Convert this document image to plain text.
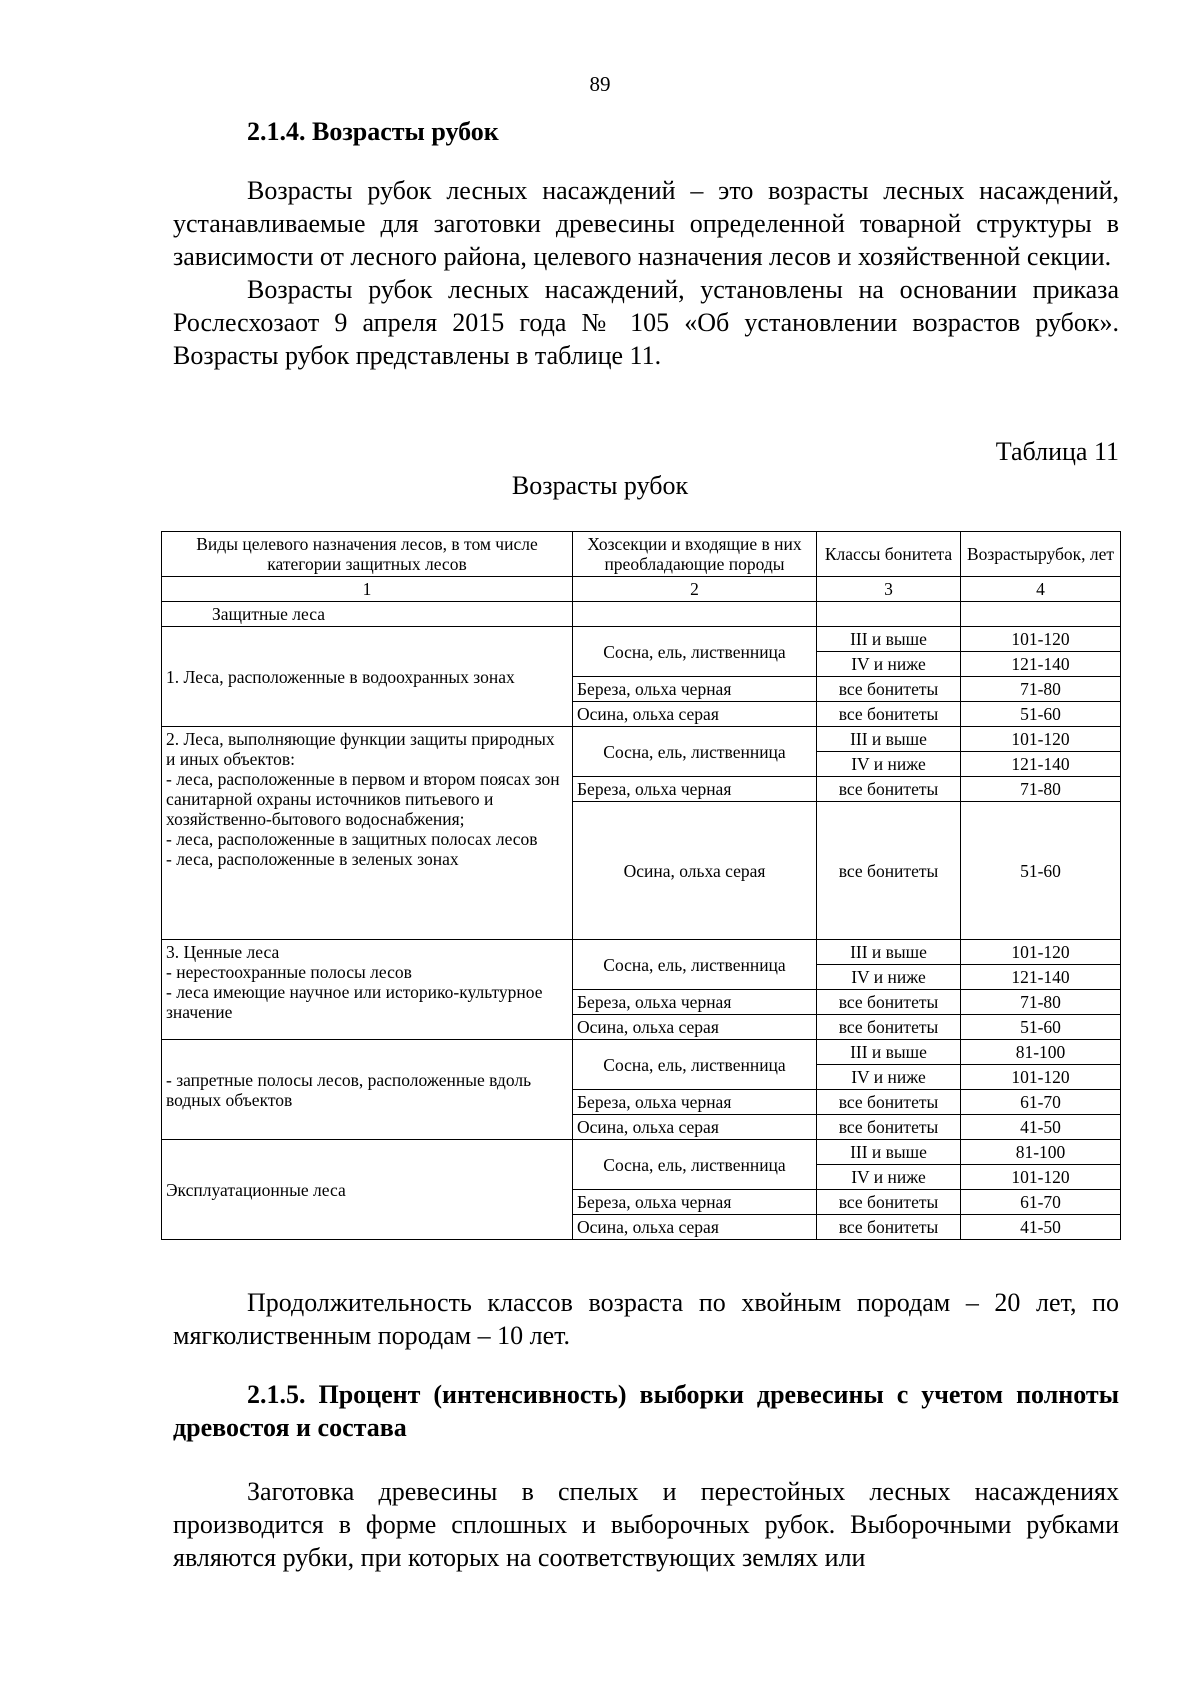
89
2.1.4. Возрасты рубок

Возрасты рубок лесных насаждений – это возрасты лесных насаждений, устанавливаемые для заготовки древесины определенной товарной структуры в зависимости от лесного района, целевого назначения лесов и хозяйственной секции.

Возрасты рубок лесных насаждений, установлены на основании приказа Рослесхозаот 9 апреля 2015 года № 105 «Об установлении возрастов рубок». Возрасты рубок представлены в таблице 11.

Таблица 11
Возрасты рубок
Виды целевого назначения лесов, в том числе категории защитных лесов	Хозсекции и входящие в них преобладающие породы	Классы бонитета	Возрастырубок, лет
1	2	3	4
Защитные леса			
1. Леса, расположенные в водоохранных зонах	Сосна, ель, лиственница	III и выше	101-120
		IV и ниже	121-140
	Береза, ольха черная	все бонитеты	71-80
	Осина, ольха серая	все бонитеты	51-60
2. Леса, выполняющие функции защиты природных и иных объектов:
- леса, расположенные в первом и втором поясах зон санитарной охраны источников питьевого и хозяйственно-бытового водоснабжения;
- леса, расположенные в защитных полосах лесов
- леса, расположенные в зеленых зонах	Сосна, ель, лиственница	III и выше	101-120
		IV и ниже	121-140
	Береза, ольха черная	все бонитеты	71-80
	Осина, ольха серая	все бонитеты	51-60
3. Ценные леса
- нерестоохранные полосы лесов
- леса имеющие научное или историко-культурное значение	Сосна, ель, лиственница	III и выше	101-120
		IV и ниже	121-140
	Береза, ольха черная	все бонитеты	71-80
	Осина, ольха серая	все бонитеты	51-60
- запретные полосы лесов, расположенные вдоль водных объектов	Сосна, ель, лиственница	III и выше	81-100
		IV и ниже	101-120
	Береза, ольха черная	все бонитеты	61-70
	Осина, ольха серая	все бонитеты	41-50
Эксплуатационные леса	Сосна, ель, лиственница	III и выше	81-100
		IV и ниже	101-120
	Береза, ольха черная	все бонитеты	61-70
	Осина, ольха серая	все бонитеты	41-50

Продолжительность классов возраста по хвойным породам – 20 лет, по мягколиственным породам – 10 лет.

2.1.5. Процент (интенсивность) выборки древесины с учетом полноты древостоя и состава

Заготовка древесины в спелых и перестойных лесных насаждениях производится в форме сплошных и выборочных рубок. Выборочными рубками являются рубки, при которых на соответствующих землях или
